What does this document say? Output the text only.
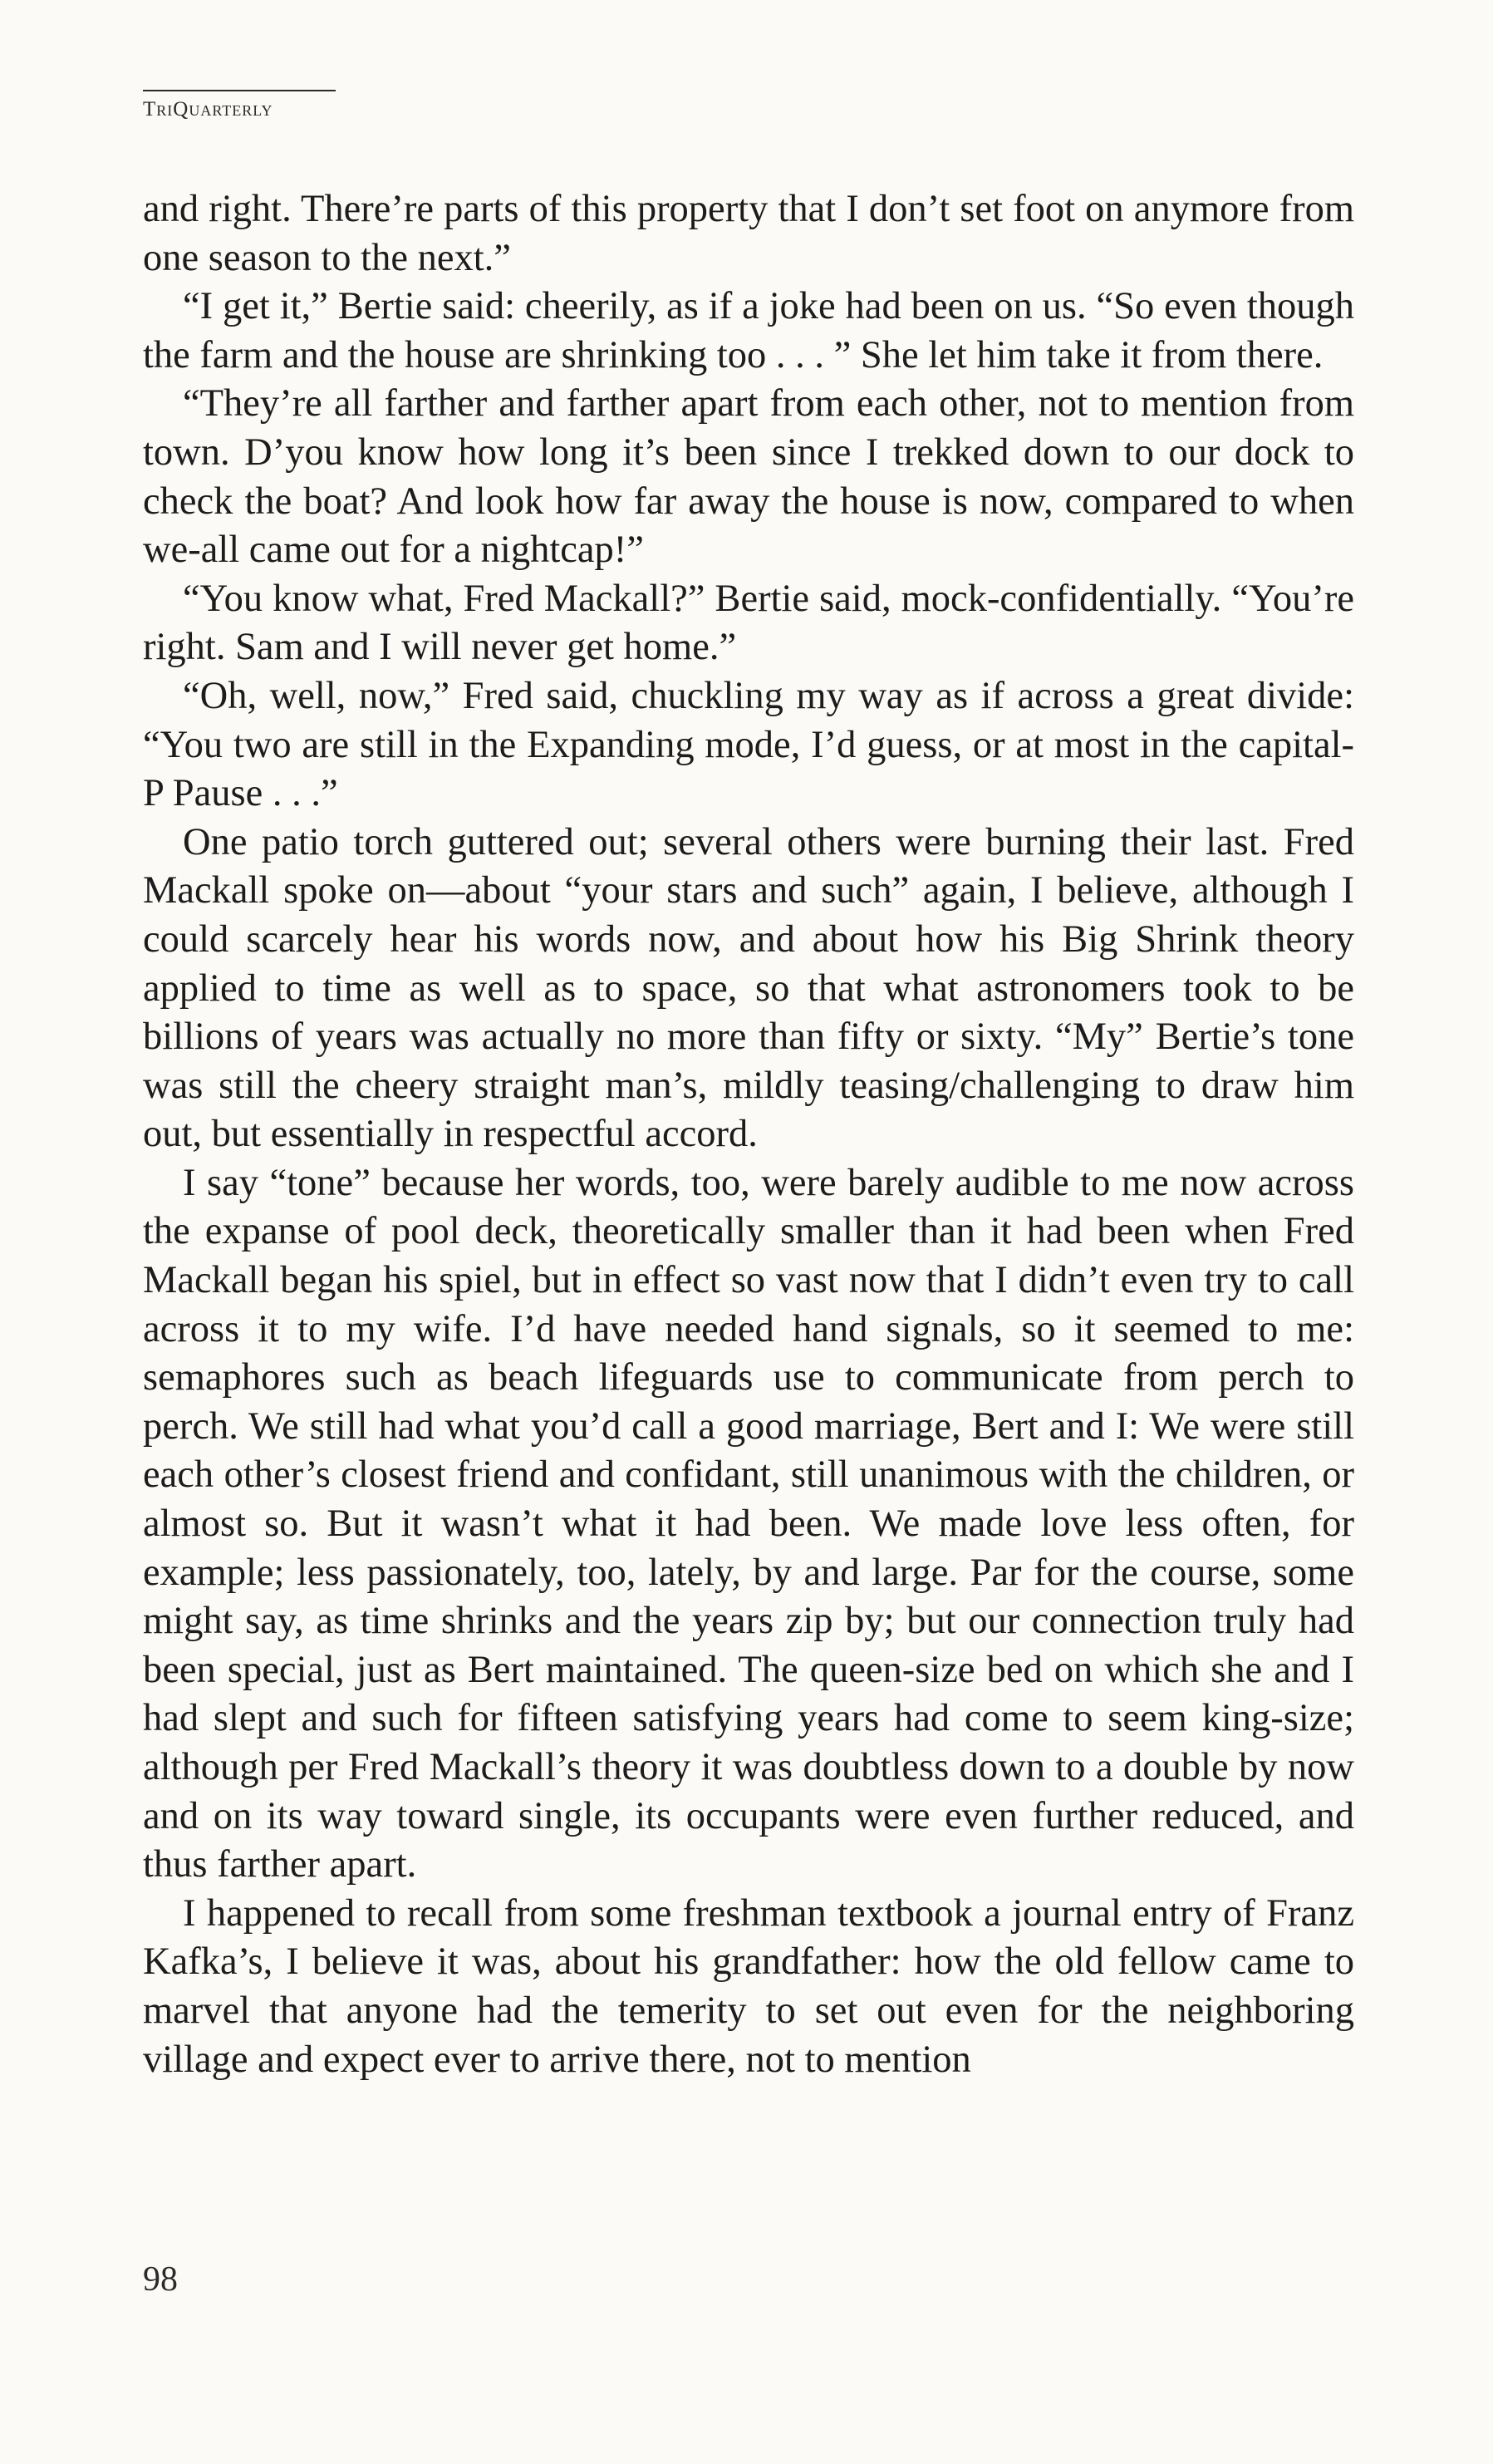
TriQuarterly

and right. There’re parts of this property that I don’t set foot on anymore from one season to the next.”

“I get it,” Bertie said: cheerily, as if a joke had been on us. “So even though the farm and the house are shrinking too . . . ” She let him take it from there.

“They’re all farther and farther apart from each other, not to mention from town. D’you know how long it’s been since I trekked down to our dock to check the boat? And look how far away the house is now, compared to when we-all came out for a nightcap!”

“You know what, Fred Mackall?” Bertie said, mock-confidentially. “You’re right. Sam and I will never get home.”

“Oh, well, now,” Fred said, chuckling my way as if across a great divide: “You two are still in the Expanding mode, I’d guess, or at most in the capital-P Pause . . .”

One patio torch guttered out; several others were burning their last. Fred Mackall spoke on—about “your stars and such” again, I believe, although I could scarcely hear his words now, and about how his Big Shrink theory applied to time as well as to space, so that what astronomers took to be billions of years was actually no more than fifty or sixty. “My” Bertie’s tone was still the cheery straight man’s, mildly teasing/challenging to draw him out, but essentially in respectful accord.

I say “tone” because her words, too, were barely audible to me now across the expanse of pool deck, theoretically smaller than it had been when Fred Mackall began his spiel, but in effect so vast now that I didn’t even try to call across it to my wife. I’d have needed hand signals, so it seemed to me: semaphores such as beach lifeguards use to communicate from perch to perch. We still had what you’d call a good marriage, Bert and I: We were still each other’s closest friend and confidant, still unanimous with the children, or almost so. But it wasn’t what it had been. We made love less often, for example; less passionately, too, lately, by and large. Par for the course, some might say, as time shrinks and the years zip by; but our connection truly had been special, just as Bert maintained. The queen-size bed on which she and I had slept and such for fifteen satisfying years had come to seem king-size; although per Fred Mackall’s theory it was doubtless down to a double by now and on its way toward single, its occupants were even further reduced, and thus farther apart.

I happened to recall from some freshman textbook a journal entry of Franz Kafka’s, I believe it was, about his grandfather: how the old fellow came to marvel that anyone had the temerity to set out even for the neighboring village and expect ever to arrive there, not to mention

98
